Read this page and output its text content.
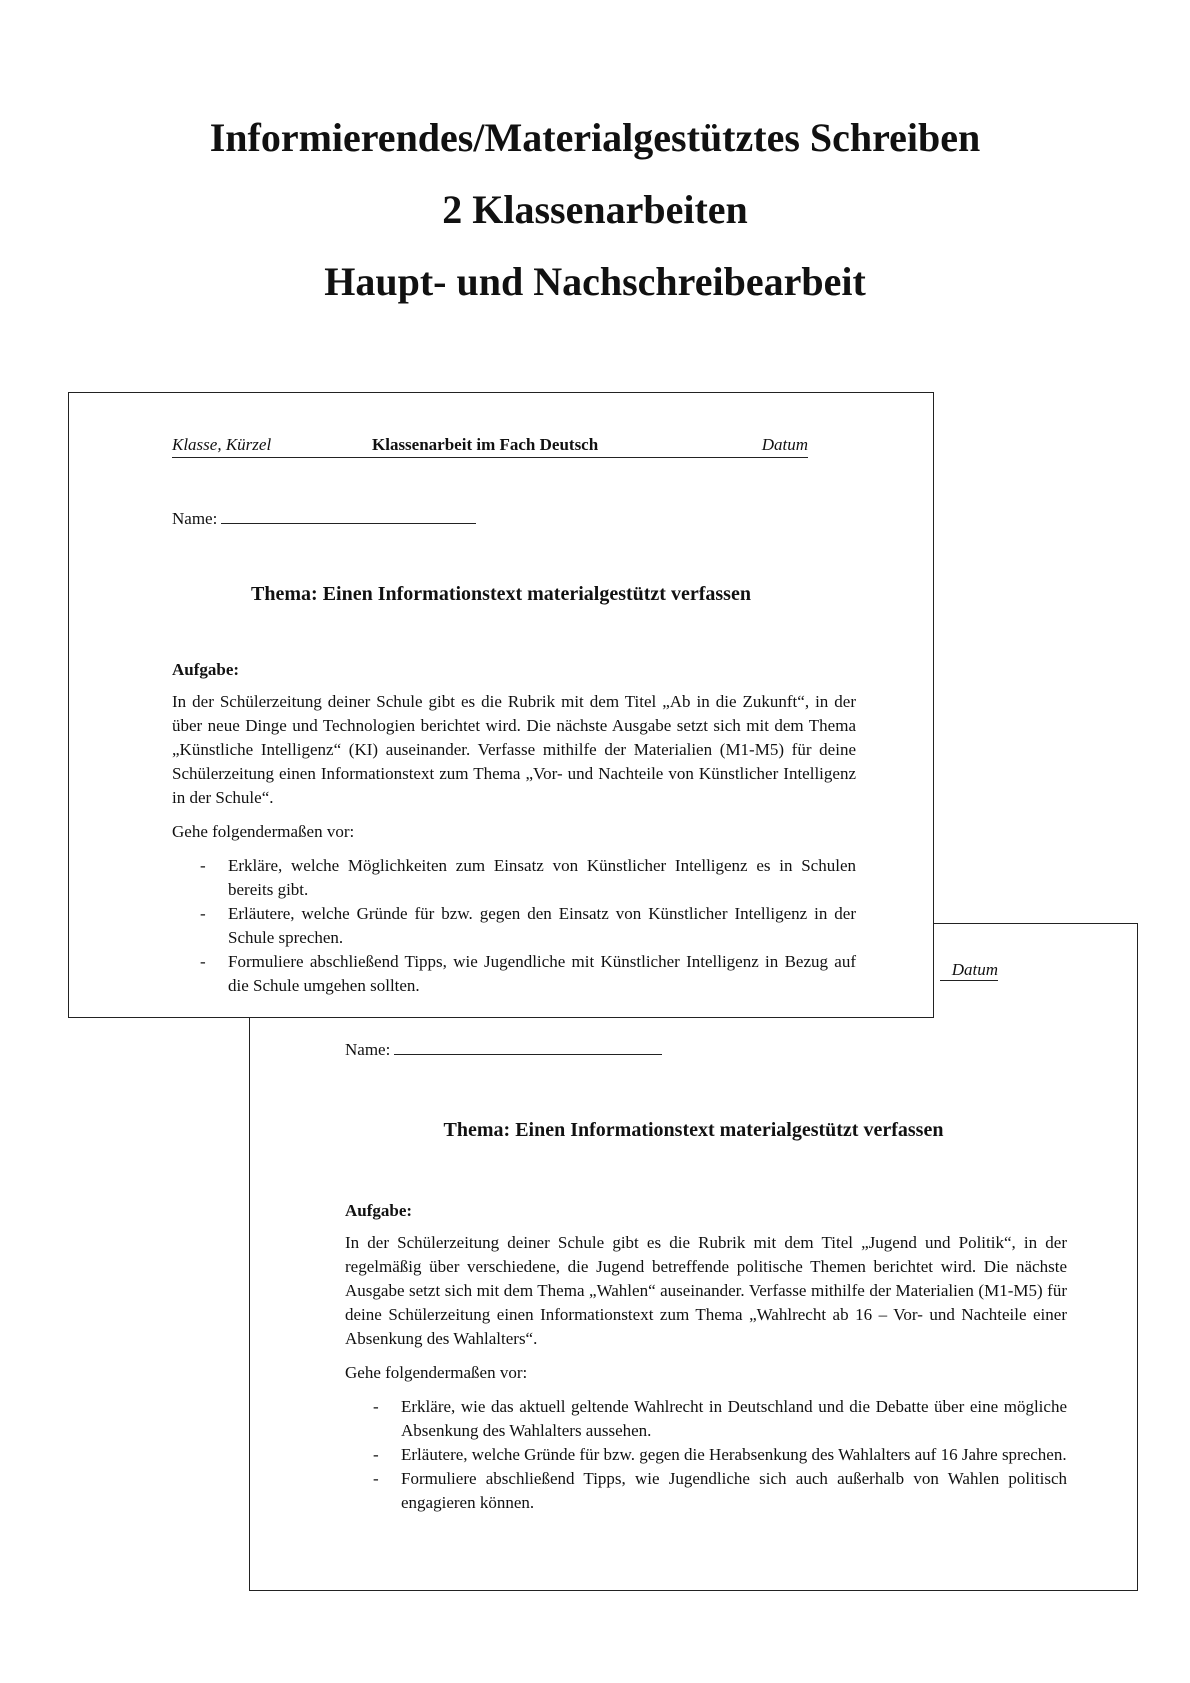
Informierendes/Materialgestütztes Schreiben
2 Klassenarbeiten
Haupt- und Nachschreibearbeit
Datum
Name:
Thema: Einen Informationstext materialgestützt verfassen

Aufgabe:

In der Schülerzeitung deiner Schule gibt es die Rubrik mit dem Titel „Jugend und Politik“, in der regelmäßig über verschiedene, die Jugend betreffende politische Themen berichtet wird. Die nächste Ausgabe setzt sich mit dem Thema „Wahlen“ auseinander. Verfasse mithilfe der Materialien (M1-M5) für deine Schülerzeitung einen Informationstext zum Thema „Wahlrecht ab 16 – Vor- und Nachteile einer Absenkung des Wahlalters“.

Gehe folgendermaßen vor:

- Erkläre, wie das aktuell geltende Wahlrecht in Deutschland und die Debatte über eine mögliche Absenkung des Wahlalters aussehen.
- Erläutere, welche Gründe für bzw. gegen die Herabsenkung des Wahlalters auf 16 Jahre sprechen.
- Formuliere abschließend Tipps, wie Jugendliche sich auch außerhalb von Wahlen politisch engagieren können.
Klasse, Kürzel	Klassenarbeit im Fach Deutsch	Datum
Name:
Thema: Einen Informationstext materialgestützt verfassen

Aufgabe:

In der Schülerzeitung deiner Schule gibt es die Rubrik mit dem Titel „Ab in die Zukunft“, in der über neue Dinge und Technologien berichtet wird. Die nächste Ausgabe setzt sich mit dem Thema „Künstliche Intelligenz“ (KI) auseinander. Verfasse mithilfe der Materialien (M1-M5) für deine Schülerzeitung einen Informationstext zum Thema „Vor- und Nachteile von Künstlicher Intelligenz in der Schule“.

Gehe folgendermaßen vor:

- Erkläre, welche Möglichkeiten zum Einsatz von Künstlicher Intelligenz es in Schulen bereits gibt.
- Erläutere, welche Gründe für bzw. gegen den Einsatz von Künstlicher Intelligenz in der Schule sprechen.
- Formuliere abschließend Tipps, wie Jugendliche mit Künstlicher Intelligenz in Bezug auf die Schule umgehen sollten.
